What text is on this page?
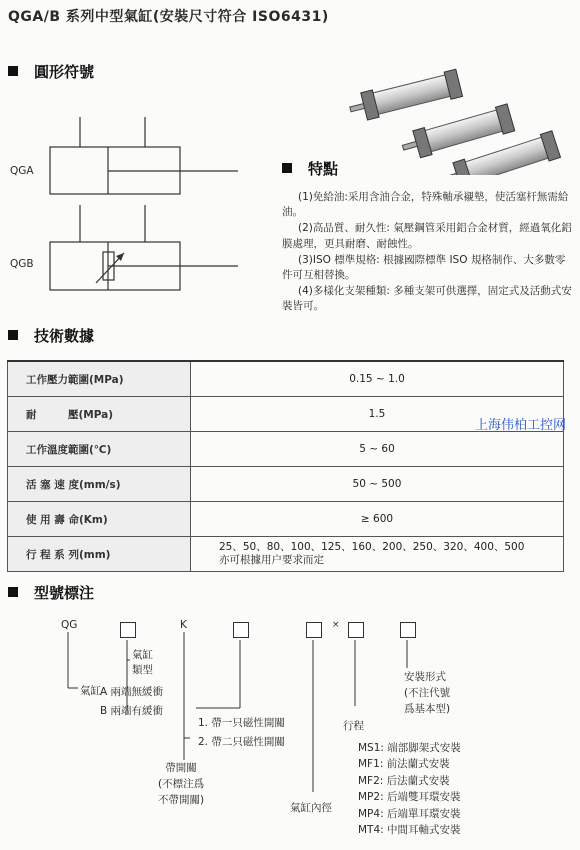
QGA/B 系列中型氣缸(安裝尺寸符合 ISO6431)
圓形符號
QGA
QGB
特點

(1)免給油:采用含油合金，特殊軸承襯墊，使活塞杆無需給油。

(2)高品質、耐久性: 氣壓鋼管采用鋁合金材質，經過氧化鋁膜處理，更具耐磨、耐蝕性。

(3)ISO 標準規格: 根據國際標準 ISO 規格制作、大多數零件可互相替換。

(4)多樣化支架種類: 多種支架可供選擇，固定式及活動式安裝皆可。

技術數據
工作壓力範圍(MPa)	0.15 ~ 1.0
耐　　　壓(MPa)	1.5
工作溫度範圍(℃)	5 ~ 60
活 塞 速 度(mm/s)	50 ~ 500
使 用 壽 命(Km)	≥ 600
行 程 系 列(mm)	25、50、80、100、125、160、200、250、320、400、500
亦可根據用户要求而定
上海伟柏工控网
型號標注
QG	K	×
氣缸
類型
氣缸 A 兩端無緩衝
B 兩端有緩衝
1. 帶一只磁性開關
2. 帶二只磁性開關
帶開關
(不標注爲
不帶開關)
氣缸內徑
行程
安裝形式
(不注代號
爲基本型)
MS1: 端部脚架式安裝
MF1: 前法蘭式安裝
MF2: 后法蘭式安裝
MP2: 后端雙耳環安裝
MP4: 后端單耳環安裝
MT4: 中間耳軸式安裝
